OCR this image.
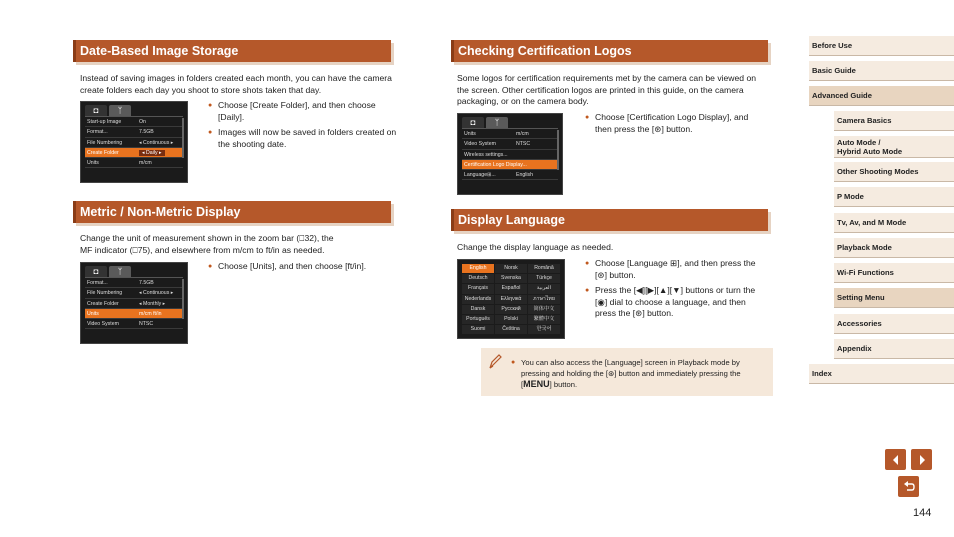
Date-Based Image Storage

Instead of saving images in folders created each month, you can have the camera create folders each day you shoot to store shots taken that day.

◘	ᛉ
Start-up Image	On
Format...	7.5GB
File Numbering	◂ Continuous ▸
Create Folder	◂ Daily ▸
Units	m/cm
● Choose [Create Folder], and then choose [Daily].
● Images will now be saved in folders created on the shooting date.
Metric / Non-Metric Display

Change the unit of measurement shown in the zoom bar (⎕32), the
MF indicator (⎕75), and elsewhere from m/cm to ft/in as needed.

◘	ᛉ
Format...	7.5GB
File Numbering	◂ Continuous ▸
Create Folder	◂ Monthly ▸
Units	m/cm ft/in
Video System	NTSC
● Choose [Units], and then choose [ft/in].
Checking Certification Logos

Some logos for certification requirements met by the camera can be viewed on the screen. Other certification logos are printed in this guide, on the camera packaging, or on the camera body.

◘	ᛉ
Units	m/cm
Video System	NTSC
Wireless settings...
Certification Logo Display...
Language⊞...	English
● Choose [Certification Logo Display], and then press the [⊛] button.
Display Language

Change the display language as needed.

English	Norsk	Română
Deutsch	Svenska	Türkçe
Français	Español	العربية
Nederlands	Ελληνικά	ภาษาไทย
Dansk	Русский	简体中文
Português	Polski	繁體中文
Suomi	Čeština	한국어
● Choose [Language ⊞], and then press the [⊛] button.
● Press the [◀][▶][▲][▼] buttons or turn the [◉] dial to choose a language, and then press the [⊛] button.
● You can also access the [Language] screen in Playback mode by pressing and holding the [⊛] button and immediately pressing the [MENU] button.
Before Use
Basic Guide
Advanced Guide
Camera Basics
Auto Mode /
Hybrid Auto Mode
Other Shooting Modes
P Mode
Tv, Av, and M Mode
Playback Mode
Wi-Fi Functions
Setting Menu
Accessories
Appendix
Index
144
